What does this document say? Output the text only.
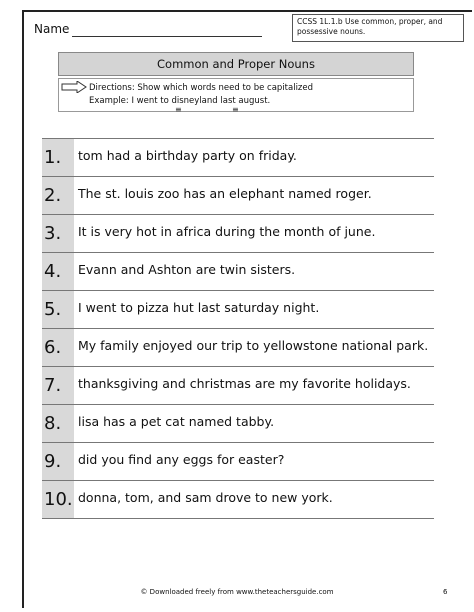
Name
CCSS 1L.1.b Use common, proper, and possessive nouns.
Common and Proper Nouns
Directions: Show which words need to be capitalized
Example: I went to disneyland last august.
≡	≡
1.	tom had a birthday party on friday.
2.	The st. louis zoo has an elephant named roger.
3.	It is very hot in africa during the month of june.
4.	Evann and Ashton are twin sisters.
5.	I went to pizza hut last saturday night.
6.	My family enjoyed our trip to yellowstone national park.
7.	thanksgiving and christmas are my favorite holidays.
8.	lisa has a pet cat named tabby.
9.	did you find any eggs for easter?
10. donna, tom, and sam drove to new york.
© Downloaded freely from www.theteachersguide.com	6
